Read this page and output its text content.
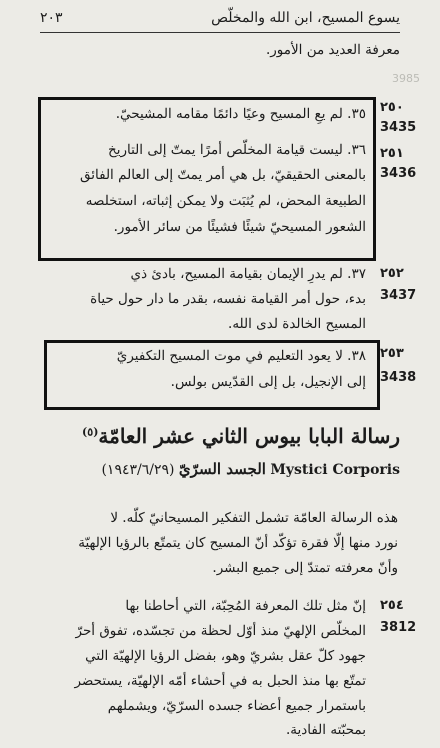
يسوع المسيح، ابن الله والمخلّص
٢٠٣
معرفة العديد من الأمور.
3985
٣٥. لم يعِ المسيح وعيًا دائمًا مقامه المشيحيّ. ٢٥٠
3435
٣٦. ليست قيامة المخلّص أمرًا يمتّ إلى التاريخ
بالمعنى الحقيقيّ، بل هي أمر يمتّ إلى العالم الفائق
الطبيعة المحض، لم يُثبَت ولا يمكن إثباته، استخلصه
الشعور المسيحيّ شيئًا فشيئًا من سائر الأمور.
٢٥١
3436
٣٧. لم يدرِ الإيمان بقيامة المسيح، بادئ ذي
بدء، حول أمر القيامة نفسه، بقدر ما دار حول حياة
المسيح الخالدة لدى الله.
٢٥٢
3437
٣٨. لا يعود التعليم في موت المسيح التكفيريّ
إلى الإنجيل، بل إلى القدّيس بولس.
٢٥٣
3438
رسالة البابا بيوس الثاني عشر العامّة$^{(٥)}$
Mystici Corporis الجسد السرّيّ (١٩٤٣/٦/٢٩)
هذه الرسالة العامّة تشمل التفكير المسيحانيّ كلّه. لا
نورد منها إلّا فقرة تؤكّد أنّ المسيح كان يتمتّع بالرؤيا الإلهيّة
وأنّ معرفته تمتدّ إلى جميع البشر.
إنّ مثل تلك المعرفة المُحِبّة، التي أحاطنا بها
المخلّص الإلهيّ منذ أوّل لحظة من تجسّده، تفوق أحرّ
جهود كلّ عقل بشريّ وهو، بفضل الرؤيا الإلهيّة التي
تمتّع بها منذ الحبل به في أحشاء أمّه الإلهيّة، يستحضر
باستمرار جميع أعضاء جسده السرّيّ، ويشملهم
بمحبّته الفادية.
٢٥٤
3812
